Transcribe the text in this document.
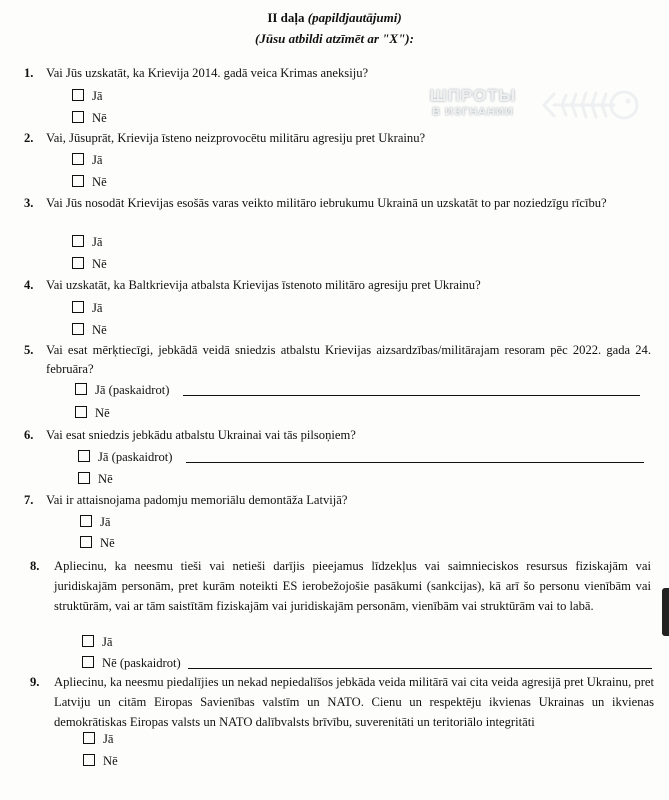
II daļa (papildjautājumi)
(Jūsu atbildi atzīmēt ar "X"):
ШПРОТЫ
В ИЗГНАНИИ
1. Vai Jūs uzskatāt, ka Krievija 2014. gadā veica Krimas aneksiju?
Jā
Nē
2. Vai, Jūsuprāt, Krievija īsteno neizprovocētu militāru agresiju pret Ukrainu?
Jā
Nē
3. Vai Jūs nosodāt Krievijas esošās varas veikto militāro iebrukumu Ukrainā un uzskatāt to par noziedzīgu rīcību?
Jā
Nē
4. Vai uzskatāt, ka Baltkrievija atbalsta Krievijas īstenoto militāro agresiju pret Ukrainu?
Jā
Nē
5. Vai esat mērķtiecīgi, jebkādā veidā sniedzis atbalstu Krievijas aizsardzības/militārajam resoram pēc 2022. gada 24. februāra?
Jā (paskaidrot)
Nē
6. Vai esat sniedzis jebkādu atbalstu Ukrainai vai tās pilsoņiem?
Jā (paskaidrot)
Nē
7. Vai ir attaisnojama padomju memoriālu demontāža Latvijā?
Jā
Nē
8. Apliecinu, ka neesmu tieši vai netieši darījis pieejamus līdzekļus vai saimnieciskos resursus fiziskajām vai juridiskajām personām, pret kurām noteikti ES ierobežojošie pasākumi (sankcijas), kā arī šo personu vienībām vai struktūrām, vai ar tām saistītām fiziskajām vai juridiskajām personām, vienībām vai struktūrām vai to labā.
Jā
Nē (paskaidrot)
9. Apliecinu, ka neesmu piedalījies un nekad nepiedalīšos jebkāda veida militārā vai cita veida agresijā pret Ukrainu, pret Latviju un citām Eiropas Savienības valstīm un NATO. Cienu un respektēju ikvienas Ukrainas un ikvienas demokrātiskas Eiropas valsts un NATO dalībvalsts brīvību, suverenitāti un teritoriālo integritāti
Jā
Nē
